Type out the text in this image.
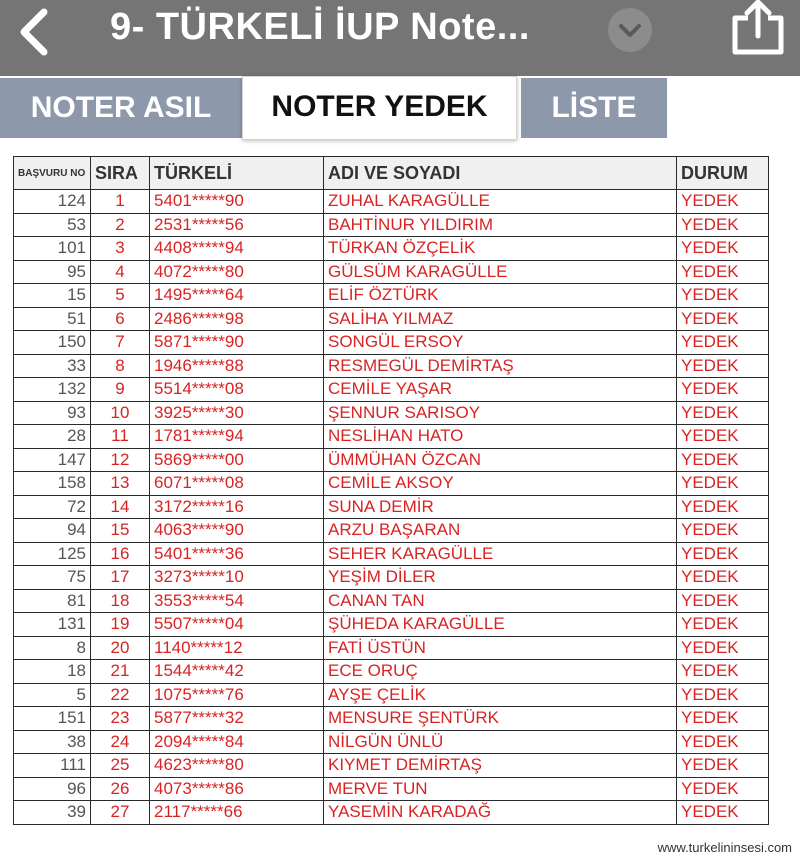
9- TÜRKELİ İUP Note...
NOTER ASIL	NOTER YEDEK	LİSTE
BAŞVURU NO	SIRA	TÜRKELİ	ADI VE SOYADI	DURUM
124	1	5401*****90	ZUHAL KARAGÜLLE	YEDEK
53	2	2531*****56	BAHTİNUR YILDIRIM	YEDEK
101	3	4408*****94	TÜRKAN ÖZÇELİK	YEDEK
95	4	4072*****80	GÜLSÜM KARAGÜLLE	YEDEK
15	5	1495*****64	ELİF ÖZTÜRK	YEDEK
51	6	2486*****98	SALİHA YILMAZ	YEDEK
150	7	5871*****90	SONGÜL ERSOY	YEDEK
33	8	1946*****88	RESMEGÜL DEMİRTAŞ	YEDEK
132	9	5514*****08	CEMİLE YAŞAR	YEDEK
93	10	3925*****30	ŞENNUR SARISOY	YEDEK
28	11	1781*****94	NESLİHAN HATO	YEDEK
147	12	5869*****00	ÜMMÜHAN ÖZCAN	YEDEK
158	13	6071*****08	CEMİLE AKSOY	YEDEK
72	14	3172*****16	SUNA DEMİR	YEDEK
94	15	4063*****90	ARZU BAŞARAN	YEDEK
125	16	5401*****36	SEHER KARAGÜLLE	YEDEK
75	17	3273*****10	YEŞİM DİLER	YEDEK
81	18	3553*****54	CANAN TAN	YEDEK
131	19	5507*****04	ŞÜHEDA KARAGÜLLE	YEDEK
8	20	1140*****12	FATİ ÜSTÜN	YEDEK
18	21	1544*****42	ECE ORUÇ	YEDEK
5	22	1075*****76	AYŞE ÇELİK	YEDEK
151	23	5877*****32	MENSURE ŞENTÜRK	YEDEK
38	24	2094*****84	NİLGÜN ÜNLÜ	YEDEK
111	25	4623*****80	KIYMET DEMİRTAŞ	YEDEK
96	26	4073*****86	MERVE TUN	YEDEK
39	27	2117*****66	YASEMİN KARADAĞ	YEDEK
www.turkelininsesi.com
